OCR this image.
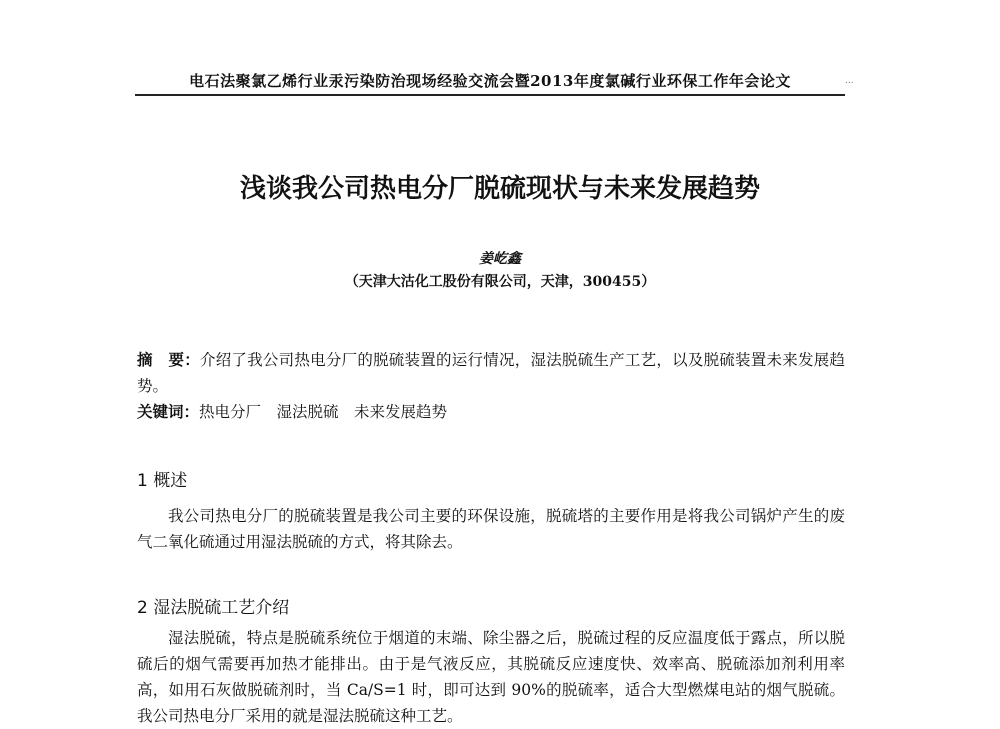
电石法聚氯乙烯行业汞污染防治现场经验交流会暨2013年度氯碱行业环保工作年会论文	...
浅谈我公司热电分厂脱硫现状与未来发展趋势
姜屹鑫
（天津大沽化工股份有限公司，天津，300455）
摘　要：介绍了我公司热电分厂的脱硫装置的运行情况，湿法脱硫生产工艺，以及脱硫装置未来发展趋势。
关键词：热电分厂　湿法脱硫　未来发展趋势
1 概述
我公司热电分厂的脱硫装置是我公司主要的环保设施，脱硫塔的主要作用是将我公司锅炉产生的废气二氧化硫通过用湿法脱硫的方式，将其除去。
2 湿法脱硫工艺介绍
湿法脱硫，特点是脱硫系统位于烟道的末端、除尘器之后，脱硫过程的反应温度低于露点，所以脱硫后的烟气需要再加热才能排出。由于是气液反应，其脱硫反应速度快、效率高、脱硫添加剂利用率高，如用石灰做脱硫剂时，当 Ca/S=1 时，即可达到 90%的脱硫率，适合大型燃煤电站的烟气脱硫。我公司热电分厂采用的就是湿法脱硫这种工艺。
